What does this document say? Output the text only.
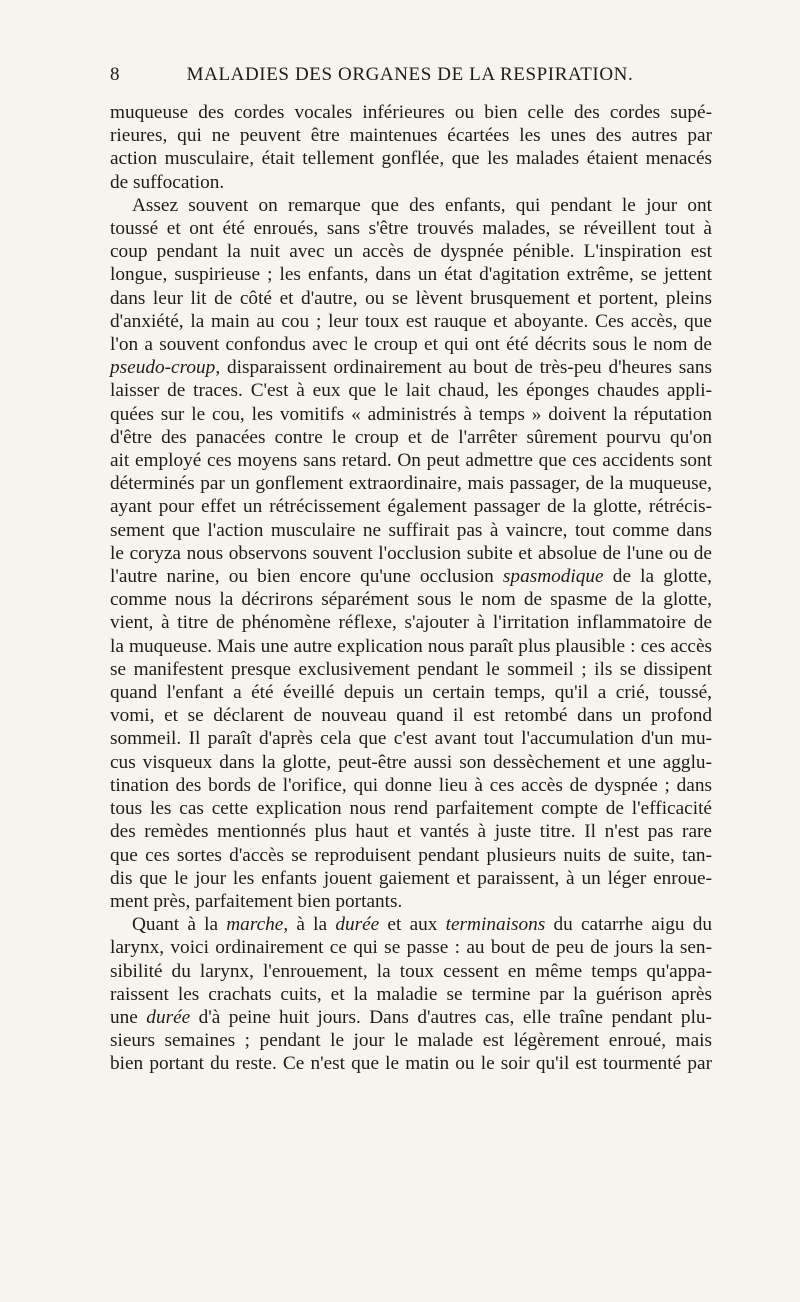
8	MALADIES DES ORGANES DE LA RESPIRATION.
muqueuse des cordes vocales inférieures ou bien celle des cordes supé-
rieures, qui ne peuvent être maintenues écartées les unes des autres par
action musculaire, était tellement gonflée, que les malades étaient menacés
de suffocation.
Assez souvent on remarque que des enfants, qui pendant le jour ont
toussé et ont été enroués, sans s'être trouvés malades, se réveillent tout à
coup pendant la nuit avec un accès de dyspnée pénible. L'inspiration est
longue, suspirieuse ; les enfants, dans un état d'agitation extrême, se jettent
dans leur lit de côté et d'autre, ou se lèvent brusquement et portent, pleins
d'anxiété, la main au cou ; leur toux est rauque et aboyante. Ces accès, que
l'on a souvent confondus avec le croup et qui ont été décrits sous le nom de
pseudo-croup, disparaissent ordinairement au bout de très-peu d'heures sans
laisser de traces. C'est à eux que le lait chaud, les éponges chaudes appli-
quées sur le cou, les vomitifs « administrés à temps » doivent la réputation
d'être des panacées contre le croup et de l'arrêter sûrement pourvu qu'on
ait employé ces moyens sans retard. On peut admettre que ces accidents sont
déterminés par un gonflement extraordinaire, mais passager, de la muqueuse,
ayant pour effet un rétrécissement également passager de la glotte, rétrécis-
sement que l'action musculaire ne suffirait pas à vaincre, tout comme dans
le coryza nous observons souvent l'occlusion subite et absolue de l'une ou de
l'autre narine, ou bien encore qu'une occlusion spasmodique de la glotte,
comme nous la décrirons séparément sous le nom de spasme de la glotte,
vient, à titre de phénomène réflexe, s'ajouter à l'irritation inflammatoire de
la muqueuse. Mais une autre explication nous paraît plus plausible : ces accès
se manifestent presque exclusivement pendant le sommeil ; ils se dissipent
quand l'enfant a été éveillé depuis un certain temps, qu'il a crié, toussé,
vomi, et se déclarent de nouveau quand il est retombé dans un profond
sommeil. Il paraît d'après cela que c'est avant tout l'accumulation d'un mu-
cus visqueux dans la glotte, peut-être aussi son dessèchement et une agglu-
tination des bords de l'orifice, qui donne lieu à ces accès de dyspnée ; dans
tous les cas cette explication nous rend parfaitement compte de l'efficacité
des remèdes mentionnés plus haut et vantés à juste titre. Il n'est pas rare
que ces sortes d'accès se reproduisent pendant plusieurs nuits de suite, tan-
dis que le jour les enfants jouent gaiement et paraissent, à un léger enroue-
ment près, parfaitement bien portants.
Quant à la marche, à la durée et aux terminaisons du catarrhe aigu du
larynx, voici ordinairement ce qui se passe : au bout de peu de jours la sen-
sibilité du larynx, l'enrouement, la toux cessent en même temps qu'appa-
raissent les crachats cuits, et la maladie se termine par la guérison après
une durée d'à peine huit jours. Dans d'autres cas, elle traîne pendant plu-
sieurs semaines ; pendant le jour le malade est légèrement enroué, mais
bien portant du reste. Ce n'est que le matin ou le soir qu'il est tourmenté par
